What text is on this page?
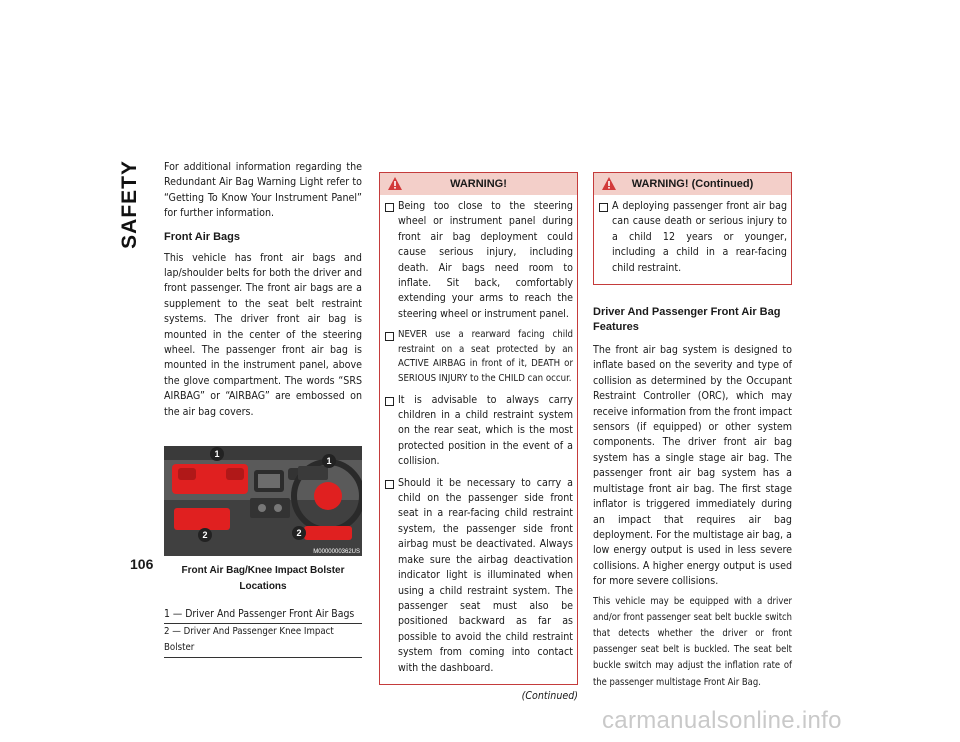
SAFETY
106

For additional information regarding the Redundant Air Bag Warning Light refer to “Getting To Know Your Instrument Panel” for further information.

Front Air Bags

This vehicle has front air bags and lap/shoulder belts for both the driver and front passenger. The front air bags are a supplement to the seat belt restraint systems. The driver front air bag is mounted in the center of the steering wheel. The passenger front air bag is mounted in the instrument panel, above the glove compartment. The words “SRS AIRBAG” or “AIRBAG” are embossed on the air bag covers.

1
1
2	2
M0000000362US
Front Air Bag/Knee Impact Bolster Locations
1 — Driver And Passenger Front Air Bags
2 — Driver And Passenger Knee Impact Bolster
WARNING!
Being too close to the steering wheel or instrument panel during front air bag deployment could cause serious injury, including death. Air bags need room to inflate. Sit back, comfortably extending your arms to reach the steering wheel or instrument panel.
NEVER use a rearward facing child restraint on a seat protected by an ACTIVE AIRBAG in front of it, DEATH or SERIOUS INJURY to the CHILD can occur.
It is advisable to always carry children in a child restraint system on the rear seat, which is the most protected position in the event of a collision.
Should it be necessary to carry a child on the passenger side front seat in a rear-facing child restraint system, the passenger side front airbag must be deactivated. Always make sure the airbag deactivation indicator light is illuminated when using a child restraint system. The passenger seat must also be positioned backward as far as possible to avoid the child restraint system from coming into contact with the dashboard.
(Continued)
WARNING! (Continued)
A deploying passenger front air bag can cause death or serious injury to a child 12 years or younger, including a child in a rear-facing child restraint.
Driver And Passenger Front Air Bag Features

The front air bag system is designed to inflate based on the severity and type of collision as determined by the Occupant Restraint Controller (ORC), which may receive information from the front impact sensors (if equipped) or other system components. The driver front air bag system has a single stage air bag. The passenger front air bag system has a multistage front air bag. The first stage inflator is triggered immediately during an impact that requires air bag deployment. For the multistage air bag, a low energy output is used in less severe collisions. A higher energy output is used for more severe collisions.

This vehicle may be equipped with a driver and/or front passenger seat belt buckle switch that detects whether the driver or front passenger seat belt is buckled. The seat belt buckle switch may adjust the inflation rate of the passenger multistage Front Air Bag.

carmanualsonline.info
